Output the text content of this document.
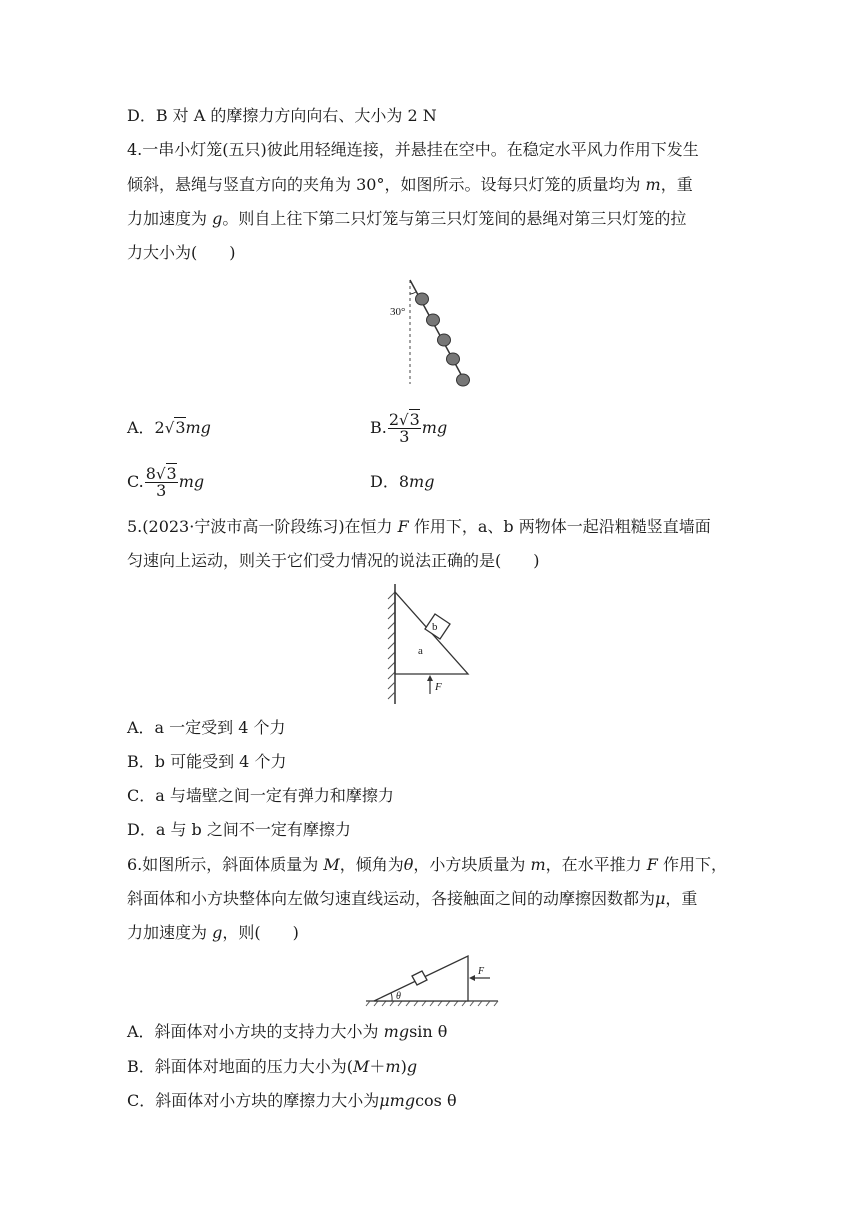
D．B 对 A 的摩擦力方向向右、大小为 2 N
4.一串小灯笼(五只)彼此用轻绳连接，并悬挂在空中。在稳定水平风力作用下发生
倾斜，悬绳与竖直方向的夹角为 30°，如图所示。设每只灯笼的质量均为 m，重
力加速度为 g。则自上往下第二只灯笼与第三只灯笼间的悬绳对第三只灯笼的拉
力大小为(　　)
30°
A．2√3mg	B. $\frac{2√3}{3}$ mg
C. $\frac{8√3}{3}$ mg	D．8mg
5.(2023·宁波市高一阶段练习)在恒力 F 作用下，a、b 两物体一起沿粗糙竖直墙面
匀速向上运动，则关于它们受力情况的说法正确的是(　　)
b
a
F
A．a 一定受到 4 个力
B．b 可能受到 4 个力
C．a 与墙壁之间一定有弹力和摩擦力
D．a 与 b 之间不一定有摩擦力
6.如图所示，斜面体质量为 M，倾角为θ，小方块质量为 m，在水平推力 F 作用下，
斜面体和小方块整体向左做匀速直线运动，各接触面之间的动摩擦因数都为μ，重
力加速度为 g，则(　　)
θ
F
A．斜面体对小方块的支持力大小为 mgsin θ
B．斜面体对地面的压力大小为(M＋m)g
C．斜面体对小方块的摩擦力大小为μmgcos θ
